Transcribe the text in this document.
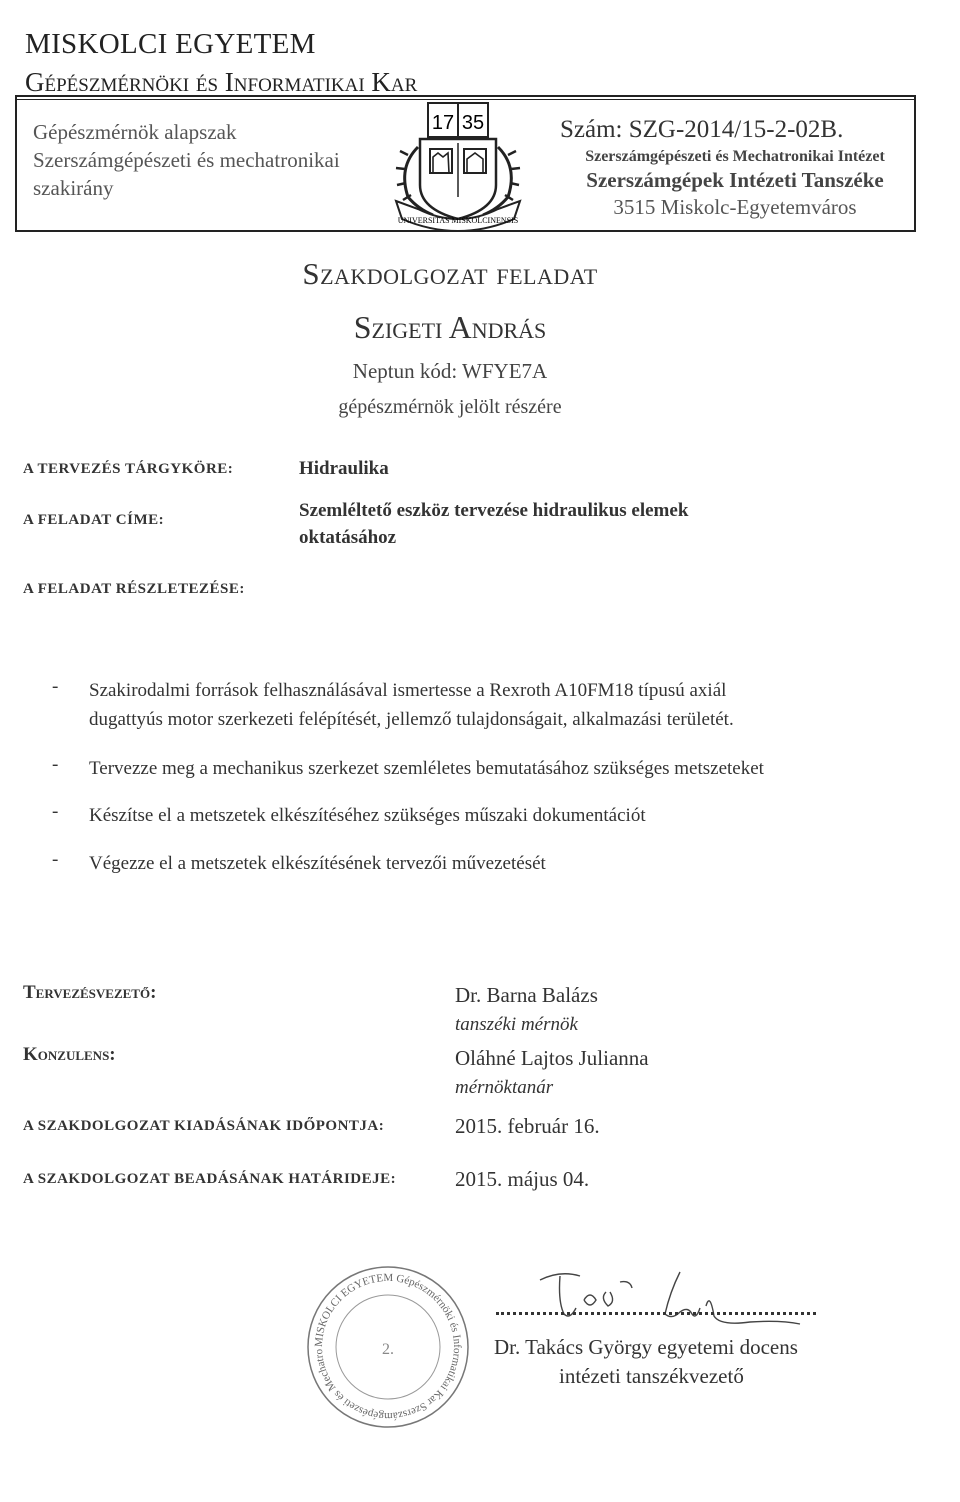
MISKOLCI EGYETEM
Gépészmérnöki és Informatikai Kar
Gépészmérnök alapszak
Szerszámgépészeti és mechatronikai
szakirány
17 35
UNIVERSITAS MISKOLCINENSIS
Szám: SZG-2014/15-2-02B.
Szerszámgépészeti és Mechatronikai Intézet
Szerszámgépek Intézeti Tanszéke
3515 Miskolc-Egyetemváros
Szakdolgozat feladat
Szigeti András
Neptun kód: WFYE7A
gépészmérnök jelölt részére
A TERVEZÉS TÁRGYKÖRE:	Hidraulika
A FELADAT CÍME:	Szemléltető eszköz tervezése hidraulikus elemek
oktatásához
A FELADAT RÉSZLETEZÉSE:
- Szakirodalmi források felhasználásával ismertesse a Rexroth A10FM18 típusú axiál
dugattyús motor szerkezeti felépítését, jellemző tulajdonságait, alkalmazási területét.
- Tervezze meg a mechanikus szerkezet szemléletes bemutatásához szükséges metszeteket
- Készítse el a metszetek elkészítéséhez szükséges műszaki dokumentációt
- Végezze el a metszetek elkészítésének tervezői művezetését
Tervezésvezető:	Dr. Barna Balázs
tanszéki mérnök
Konzulens:	Oláhné Lajtos Julianna
mérnöktanár
A SZAKDOLGOZAT KIADÁSÁNAK IDŐPONTJA:	2015. február 16.
A SZAKDOLGOZAT BEADÁSÁNAK HATÁRIDEJE:	2015. május 04.
MISKOLCI EGYETEM Gépészmérnöki és Informatikai Kar Szerszámgépészeti és Mechatro	2.	Dr. Takács György egyetemi docens
intézeti tanszékvezető
